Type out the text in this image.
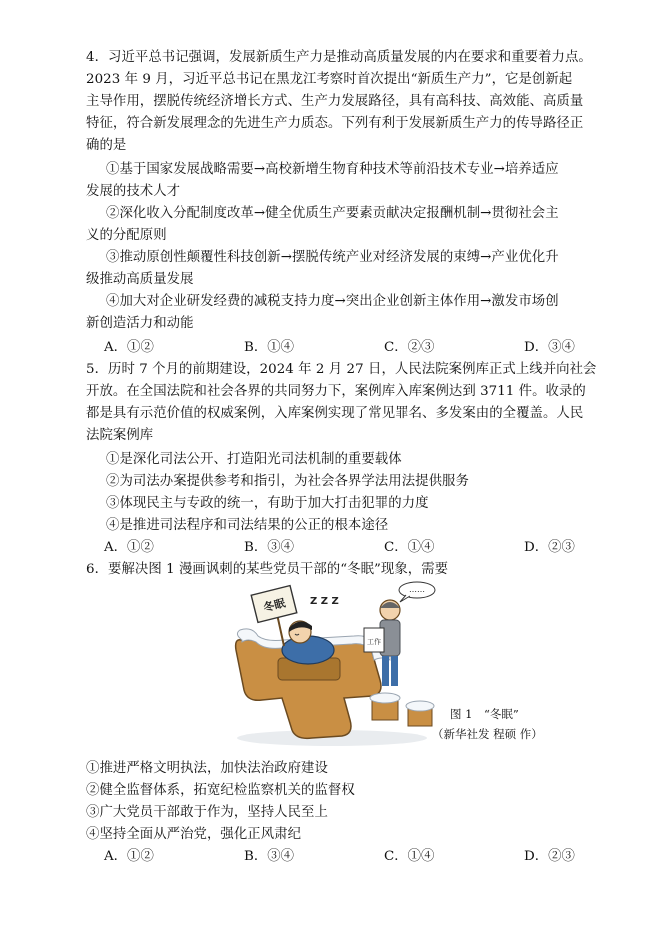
4．习近平总书记强调，发展新质生产力是推动高质量发展的内在要求和重要着力点。
2023 年 9 月，习近平总书记在黑龙江考察时首次提出“新质生产力”，它是创新起
主导作用，摆脱传统经济增长方式、生产力发展路径，具有高科技、高效能、高质量
特征，符合新发展理念的先进生产力质态。下列有利于发展新质生产力的传导路径正
确的是
①基于国家发展战略需要→高校新增生物育种技术等前沿技术专业→培养适应
发展的技术人才
②深化收入分配制度改革→健全优质生产要素贡献决定报酬机制→贯彻社会主
义的分配原则
③推动原创性颠覆性科技创新→摆脱传统产业对经济发展的束缚→产业优化升
级推动高质量发展
④加大对企业研发经费的减税支持力度→突出企业创新主体作用→激发市场创
新创造活力和动能
A．①②	B．①④	C．②③	D．③④
5．历时 7 个月的前期建设，2024 年 2 月 27 日，人民法院案例库正式上线并向社会
开放。在全国法院和社会各界的共同努力下，案例库入库案例达到 3711 件。收录的
都是具有示范价值的权威案例，入库案例实现了常见罪名、多发案由的全覆盖。人民
法院案例库
①是深化司法公开、打造阳光司法机制的重要载体
②为司法办案提供参考和指引，为社会各界学法用法提供服务
③体现民主与专政的统一，有助于加大打击犯罪的力度
④是推进司法程序和司法结果的公正的根本途径
A．①②	B．③④	C．①④	D．②③
6．要解决图 1 漫画讽刺的某些党员干部的“冬眠”现象，需要
冬眠 Z Z Z
工作
……
图 1　“冬眠”
（新华社发 程硕 作）
①推进严格文明执法，加快法治政府建设
②健全监督体系，拓宽纪检监察机关的监督权
③广大党员干部敢于作为，坚持人民至上
④坚持全面从严治党，强化正风肃纪
A．①②	B．③④	C．①④	D．②③
